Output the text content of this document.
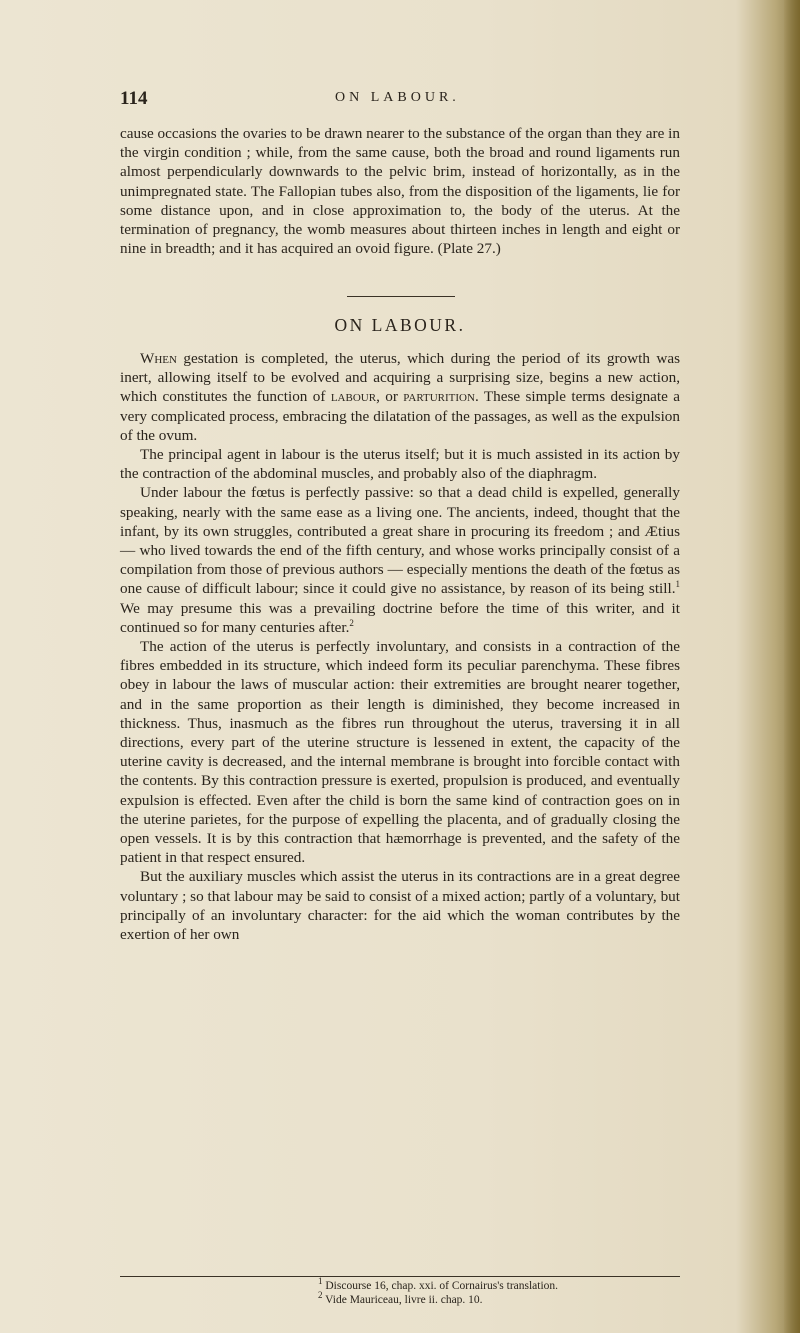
114	ON LABOUR.

cause occasions the ovaries to be drawn nearer to the substance of the organ than they are in the virgin condition ; while, from the same cause, both the broad and round ligaments run almost perpendicularly downwards to the pelvic brim, instead of horizontally, as in the unimpregnated state. The Fallopian tubes also, from the disposition of the ligaments, lie for some distance upon, and in close approximation to, the body of the uterus. At the termination of pregnancy, the womb measures about thirteen inches in length and eight or nine in breadth; and it has acquired an ovoid figure. (Plate 27.)

ON LABOUR.

When gestation is completed, the uterus, which during the period of its growth was inert, allowing itself to be evolved and acquiring a surprising size, begins a new action, which constitutes the function of labour, or parturition. These simple terms designate a very complicated process, embracing the dilatation of the passages, as well as the expulsion of the ovum.

The principal agent in labour is the uterus itself; but it is much assisted in its action by the contraction of the abdominal muscles, and probably also of the diaphragm.

Under labour the fœtus is perfectly passive: so that a dead child is expelled, generally speaking, nearly with the same ease as a living one. The ancients, indeed, thought that the infant, by its own struggles, contributed a great share in procuring its freedom ; and Ætius — who lived towards the end of the fifth century, and whose works principally consist of a compilation from those of previous authors — especially mentions the death of the fœtus as one cause of difficult labour; since it could give no assistance, by reason of its being still.$^1$ We may presume this was a prevailing doctrine before the time of this writer, and it continued so for many centuries after.$^2$

The action of the uterus is perfectly involuntary, and consists in a contraction of the fibres embedded in its structure, which indeed form its peculiar parenchyma. These fibres obey in labour the laws of muscular action: their extremities are brought nearer together, and in the same proportion as their length is diminished, they become increased in thickness. Thus, inasmuch as the fibres run throughout the uterus, traversing it in all directions, every part of the uterine structure is lessened in extent, the capacity of the uterine cavity is decreased, and the internal membrane is brought into forcible contact with the contents. By this contraction pressure is exerted, propulsion is produced, and eventually expulsion is effected. Even after the child is born the same kind of contraction goes on in the uterine parietes, for the purpose of expelling the placenta, and of gradually closing the open vessels. It is by this contraction that hæmorrhage is prevented, and the safety of the patient in that respect ensured.

But the auxiliary muscles which assist the uterus in its contractions are in a great degree voluntary ; so that labour may be said to consist of a mixed action; partly of a voluntary, but principally of an involuntary character: for the aid which the woman contributes by the exertion of her own

$^1$ Discourse 16, chap. xxi. of Cornairus's translation.
$^2$ Vide Mauriceau, livre ii. chap. 10.
